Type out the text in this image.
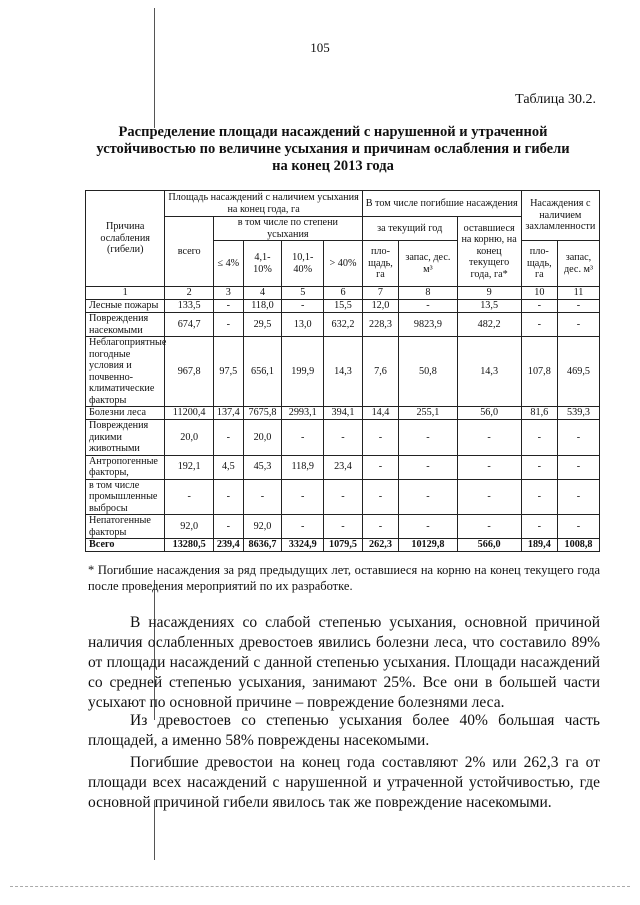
105
Таблица 30.2.
Распределение площади насаждений с нарушенной и утраченной устойчивостью по величине усыхания и причинам ослабления и гибели на конец 2013 года
Причина ослабления (гибели)	Площадь насаждений с наличием усыхания на конец года, га					В том числе погибшие насаждения			Насаждения с наличием захламленности	
	всего	в том числе по степени усыхания				за текущий год		оставшиеся на корню, на конец текущего года, га*		
		≤ 4%	4,1-10%	10,1-40%	> 40%	пло-щадь, га	запас, дес. м³		пло-щадь, га	запас, дес. м³

1	2	3	4	5	6	7	8	9	10	11
Лесные пожары	133,5	-	118,0	-	15,5	12,0	-	13,5	-	-
Повреждения насекомыми	674,7	-	29,5	13,0	632,2	228,3	9823,9	482,2	-	-
Неблагоприятные погодные условия и почвенно-климатические факторы	967,8	97,5	656,1	199,9	14,3	7,6	50,8	14,3	107,8	469,5
Болезни леса	11200,4	137,4	7675,8	2993,1	394,1	14,4	255,1	56,0	81,6	539,3
Повреждения дикими животными	20,0	-	20,0	-	-	-	-	-	-	-
Антропогенные факторы,	192,1	4,5	45,3	118,9	23,4	-	-	-	-	-
в том числе промышленные выбросы	-	-	-	-	-	-	-	-	-	-
Непатогенные факторы	92,0	-	92,0	-	-	-	-	-	-	-
Всего	13280,5	239,4	8636,7	3324,9	1079,5	262,3	10129,8	566,0	189,4	1008,8
* Погибшие насаждения за ряд предыдущих лет, оставшиеся на корню на конец текущего года после проведения мероприятий по их разработке.
В насаждениях со слабой степенью усыхания, основной причиной наличия ослабленных древостоев явились болезни леса, что составило 89% от площади насаждений с данной степенью усыхания. Площади насаждений со средней степенью усыхания, занимают 25%. Все они в большей части усыхают по основной причине – повреждение болезнями леса.
Из древостоев со степенью усыхания более 40% большая часть площадей, а именно 58% повреждены насекомыми.
Погибшие древостои на конец года составляют 2% или 262,3 га от площади всех насаждений с нарушенной и утраченной устойчивостью, где основной причиной гибели явилось так же повреждение насекомыми.
